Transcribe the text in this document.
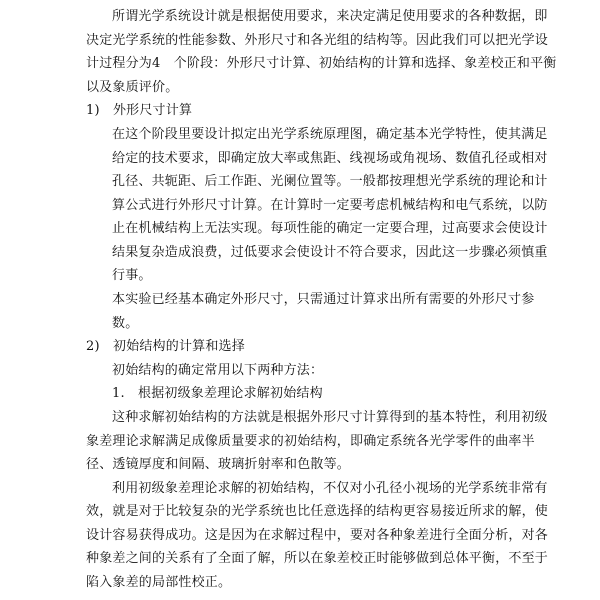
所谓光学系统设计就是根据使用要求，来决定满足使用要求的各种数据，即
决定光学系统的性能参数、外形尺寸和各光组的结构等。因此我们可以把光学设
计过程分为4　个阶段：外形尺寸计算、初始结构的计算和选择、象差校正和平衡
以及象质评价。
1)　外形尺寸计算
在这个阶段里要设计拟定出光学系统原理图，确定基本光学特性，使其满足
给定的技术要求，即确定放大率或焦距、线视场或角视场、数值孔径或相对
孔径、共轭距、后工作距、光阑位置等。一般都按理想光学系统的理论和计
算公式进行外形尺寸计算。在计算时一定要考虑机械结构和电气系统，以防
止在机械结构上无法实现。每项性能的确定一定要合理，过高要求会使设计
结果复杂造成浪费，过低要求会使设计不符合要求，因此这一步骤必须慎重
行事。
本实验已经基本确定外形尺寸，只需通过计算求出所有需要的外形尺寸参
数。
2)　初始结构的计算和选择
初始结构的确定常用以下两种方法：
1.　根据初级象差理论求解初始结构
这种求解初始结构的方法就是根据外形尺寸计算得到的基本特性，利用初级
象差理论求解满足成像质量要求的初始结构，即确定系统各光学零件的曲率半
径、透镜厚度和间隔、玻璃折射率和色散等。
利用初级象差理论求解的初始结构，不仅对小孔径小视场的光学系统非常有
效，就是对于比较复杂的光学系统也比任意选择的结构更容易接近所求的解，使
设计容易获得成功。这是因为在求解过程中，要对各种象差进行全面分析，对各
种象差之间的关系有了全面了解，所以在象差校正时能够做到总体平衡，不至于
陷入象差的局部性校正。
